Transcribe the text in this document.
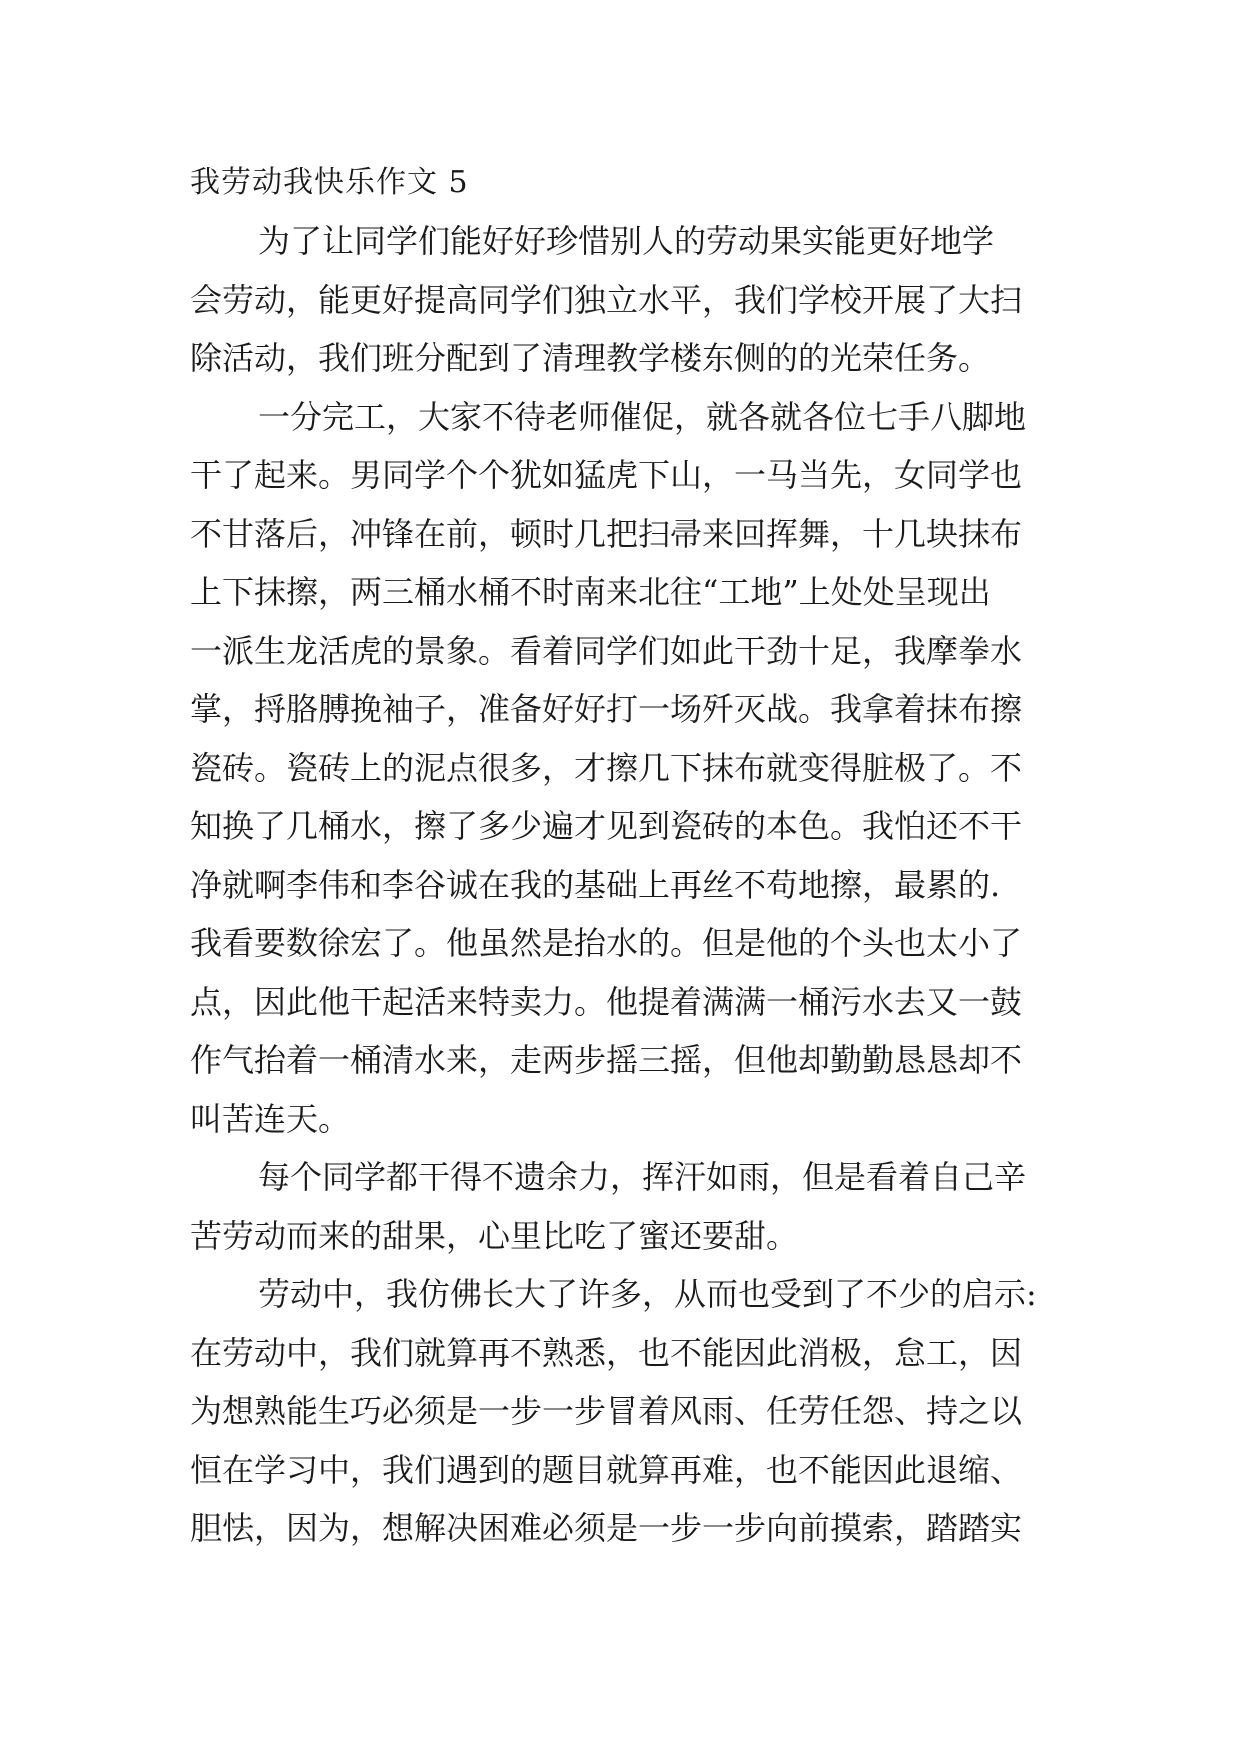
我劳动我快乐作文 5
为了让同学们能好好珍惜别人的劳动果实能更好地学
会劳动，能更好提高同学们独立水平，我们学校开展了大扫
除活动，我们班分配到了清理教学楼东侧的的光荣任务。
一分完工，大家不待老师催促，就各就各位七手八脚地
干了起来。男同学个个犹如猛虎下山，一马当先，女同学也
不甘落后，冲锋在前，顿时几把扫帚来回挥舞，十几块抹布
上下抹擦，两三桶水桶不时南来北往“工地”上处处呈现出
一派生龙活虎的景象。看着同学们如此干劲十足，我摩拳水
掌，捋胳膊挽袖子，准备好好打一场歼灭战。我拿着抹布擦
瓷砖。瓷砖上的泥点很多，才擦几下抹布就变得脏极了。不
知换了几桶水，擦了多少遍才见到瓷砖的本色。我怕还不干
净就啊李伟和李谷诚在我的基础上再丝不苟地擦，最累的.
我看要数徐宏了。他虽然是抬水的。但是他的个头也太小了
点，因此他干起活来特卖力。他提着满满一桶污水去又一鼓
作气抬着一桶清水来，走两步摇三摇，但他却勤勤恳恳却不
叫苦连天。
每个同学都干得不遗余力，挥汗如雨，但是看着自己辛
苦劳动而来的甜果，心里比吃了蜜还要甜。
劳动中，我仿佛长大了许多，从而也受到了不少的启示:
在劳动中，我们就算再不熟悉，也不能因此消极，怠工，因
为想熟能生巧必须是一步一步冒着风雨、任劳任怨、持之以
恒在学习中，我们遇到的题目就算再难，也不能因此退缩、
胆怯，因为，想解决困难必须是一步一步向前摸索，踏踏实
